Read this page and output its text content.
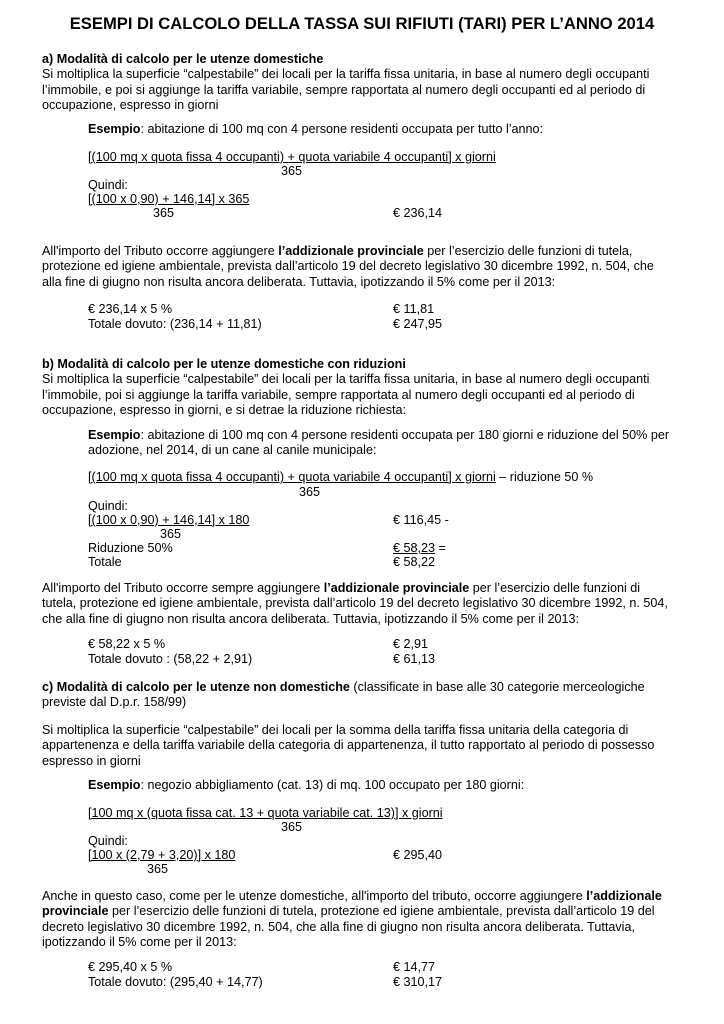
ESEMPI DI CALCOLO DELLA TASSA SUI RIFIUTI (TARI) PER L’ANNO 2014
a) Modalità di calcolo per le utenze domestiche
Si moltiplica la superficie “calpestabile” dei locali per la tariffa fissa unitaria, in base al numero degli occupanti
l’immobile, e poi si aggiunge la tariffa variabile, sempre rapportata al numero degli occupanti ed al periodo di
occupazione, espresso in giorni
Esempio: abitazione di 100 mq con 4 persone residenti occupata per tutto l’anno:
[(100 mq x quota fissa 4 occupanti) + quota variabile 4 occupanti] x giorni
365
Quindi:
[(100 x 0,90) + 146,14] x 365
365	€ 236,14
All'importo del Tributo occorre aggiungere l’addizionale provinciale per l’esercizio delle funzioni di tutela,
protezione ed igiene ambientale, prevista dall’articolo 19 del decreto legislativo 30 dicembre 1992, n. 504, che
alla fine di giugno non risulta ancora deliberata. Tuttavia, ipotizzando il 5% come per il 2013:
€ 236,14 x 5 %	€ 11,81
Totale dovuto: (236,14 + 11,81)	€ 247,95
b) Modalità di calcolo per le utenze domestiche con riduzioni
Si moltiplica la superficie “calpestabile” dei locali per la tariffa fissa unitaria, in base al numero degli occupanti
l’immobile, poi si aggiunge la tariffa variabile, sempre rapportata al numero degli occupanti ed al periodo di
occupazione, espresso in giorni, e si detrae la riduzione richiesta:
Esempio: abitazione di 100 mq con 4 persone residenti occupata per 180 giorni e riduzione del 50% per
adozione, nel 2014, di un cane al canile municipale:
[(100 mq x quota fissa 4 occupanti) + quota variabile 4 occupanti] x giorni – riduzione 50 %
365
Quindi:
[(100 x 0,90) + 146,14] x 180	€ 116,45 -
365
Riduzione 50%	€ 58,23 =
Totale	€ 58,22
All'importo del Tributo occorre sempre aggiungere l’addizionale provinciale per l’esercizio delle funzioni di
tutela, protezione ed igiene ambientale, prevista dall’articolo 19 del decreto legislativo 30 dicembre 1992, n. 504,
che alla fine di giugno non risulta ancora deliberata. Tuttavia, ipotizzando il 5% come per il 2013:
€ 58,22 x 5 %	€ 2,91
Totale dovuto : (58,22 + 2,91)	€ 61,13
c) Modalità di calcolo per le utenze non domestiche (classificate in base alle 30 categorie merceologiche
previste dal D.p.r. 158/99)
Si moltiplica la superficie “calpestabile” dei locali per la somma della tariffa fissa unitaria della categoria di
appartenenza e della tariffa variabile della categoria di appartenenza, il tutto rapportato al periodo di possesso
espresso in giorni
Esempio: negozio abbigliamento (cat. 13) di mq. 100 occupato per 180 giorni:
[100 mq x (quota fissa cat. 13 + quota variabile cat. 13)] x giorni
365
Quindi:
[100 x (2,79 + 3,20)] x 180	€ 295,40
365
Anche in questo caso, come per le utenze domestiche, all'importo del tributo, occorre aggiungere l’addizionale
provinciale per l’esercizio delle funzioni di tutela, protezione ed igiene ambientale, prevista dall’articolo 19 del
decreto legislativo 30 dicembre 1992, n. 504, che alla fine di giugno non risulta ancora deliberata. Tuttavia,
ipotizzando il 5% come per il 2013:
€ 295,40 x 5 %	€ 14,77
Totale dovuto: (295,40 + 14,77)	€ 310,17
